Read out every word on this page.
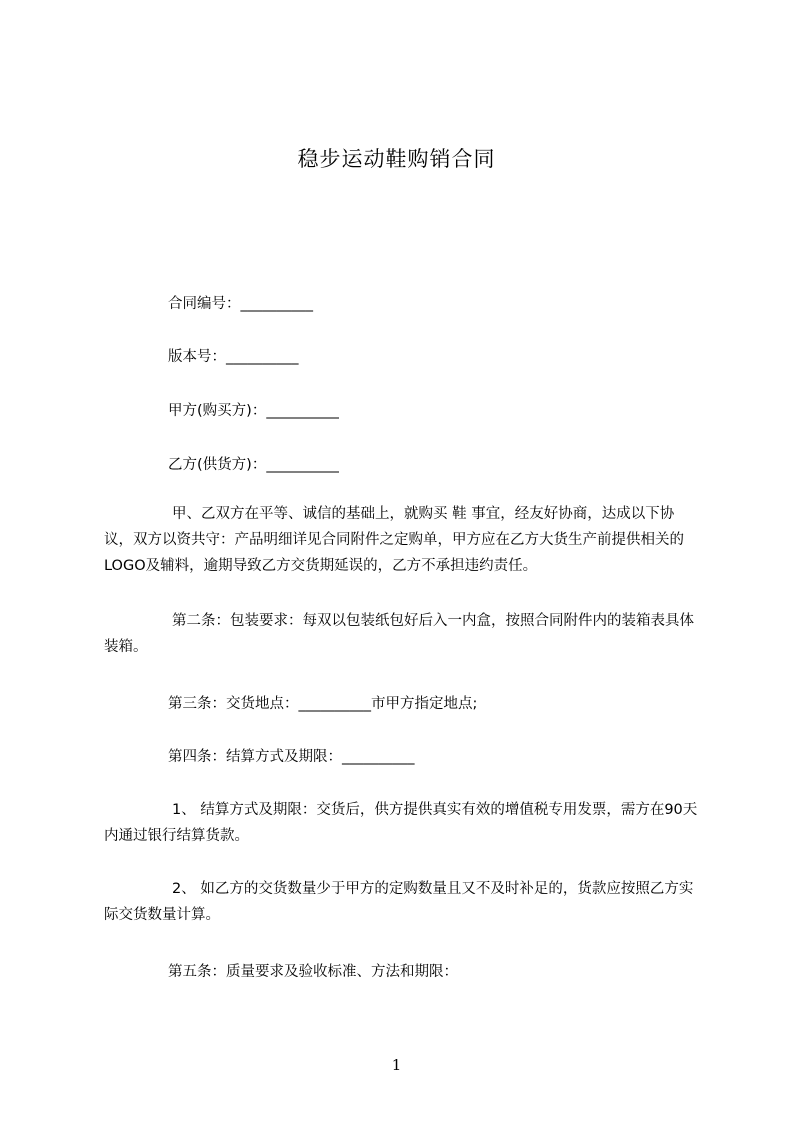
稳步运动鞋购销合同
合同编号：__________
版本号：__________
甲方(购买方)：__________
乙方(供货方)：__________
甲、乙双方在平等、诚信的基础上，就购买 鞋 事宜，经友好协商，达成以下协议，双方以资共守：产品明细详见合同附件之定购单，甲方应在乙方大货生产前提供相关的LOGO及辅料，逾期导致乙方交货期延误的，乙方不承担违约责任。
第二条：包装要求：每双以包装纸包好后入一内盒，按照合同附件内的装箱表具体装箱。
第三条：交货地点：__________市甲方指定地点;
第四条：结算方式及期限：__________
1、 结算方式及期限：交货后，供方提供真实有效的增值税专用发票，需方在90天内通过银行结算货款。
2、 如乙方的交货数量少于甲方的定购数量且又不及时补足的，货款应按照乙方实际交货数量计算。
第五条：质量要求及验收标准、方法和期限：
1
